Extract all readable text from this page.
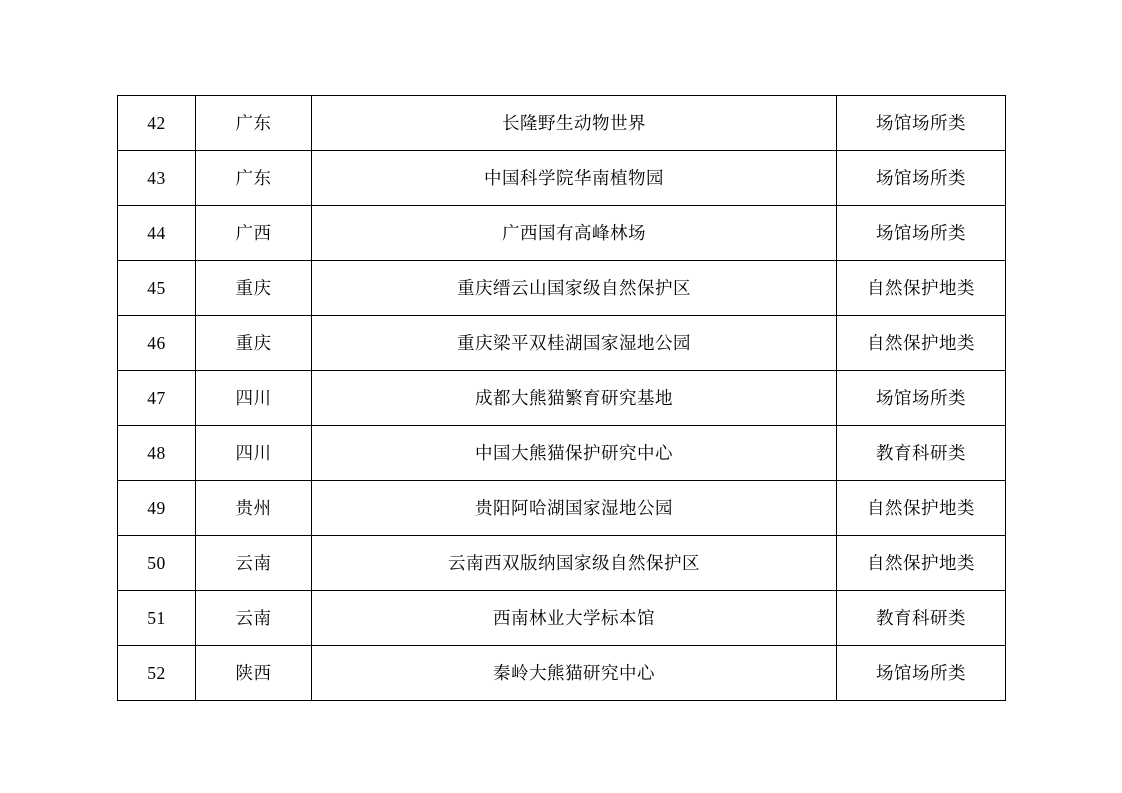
42	广东	长隆野生动物世界	场馆场所类
43	广东	中国科学院华南植物园	场馆场所类
44	广西	广西国有高峰林场	场馆场所类
45	重庆	重庆缙云山国家级自然保护区	自然保护地类
46	重庆	重庆梁平双桂湖国家湿地公园	自然保护地类
47	四川	成都大熊猫繁育研究基地	场馆场所类
48	四川	中国大熊猫保护研究中心	教育科研类
49	贵州	贵阳阿哈湖国家湿地公园	自然保护地类
50	云南	云南西双版纳国家级自然保护区	自然保护地类
51	云南	西南林业大学标本馆	教育科研类
52	陕西	秦岭大熊猫研究中心	场馆场所类
